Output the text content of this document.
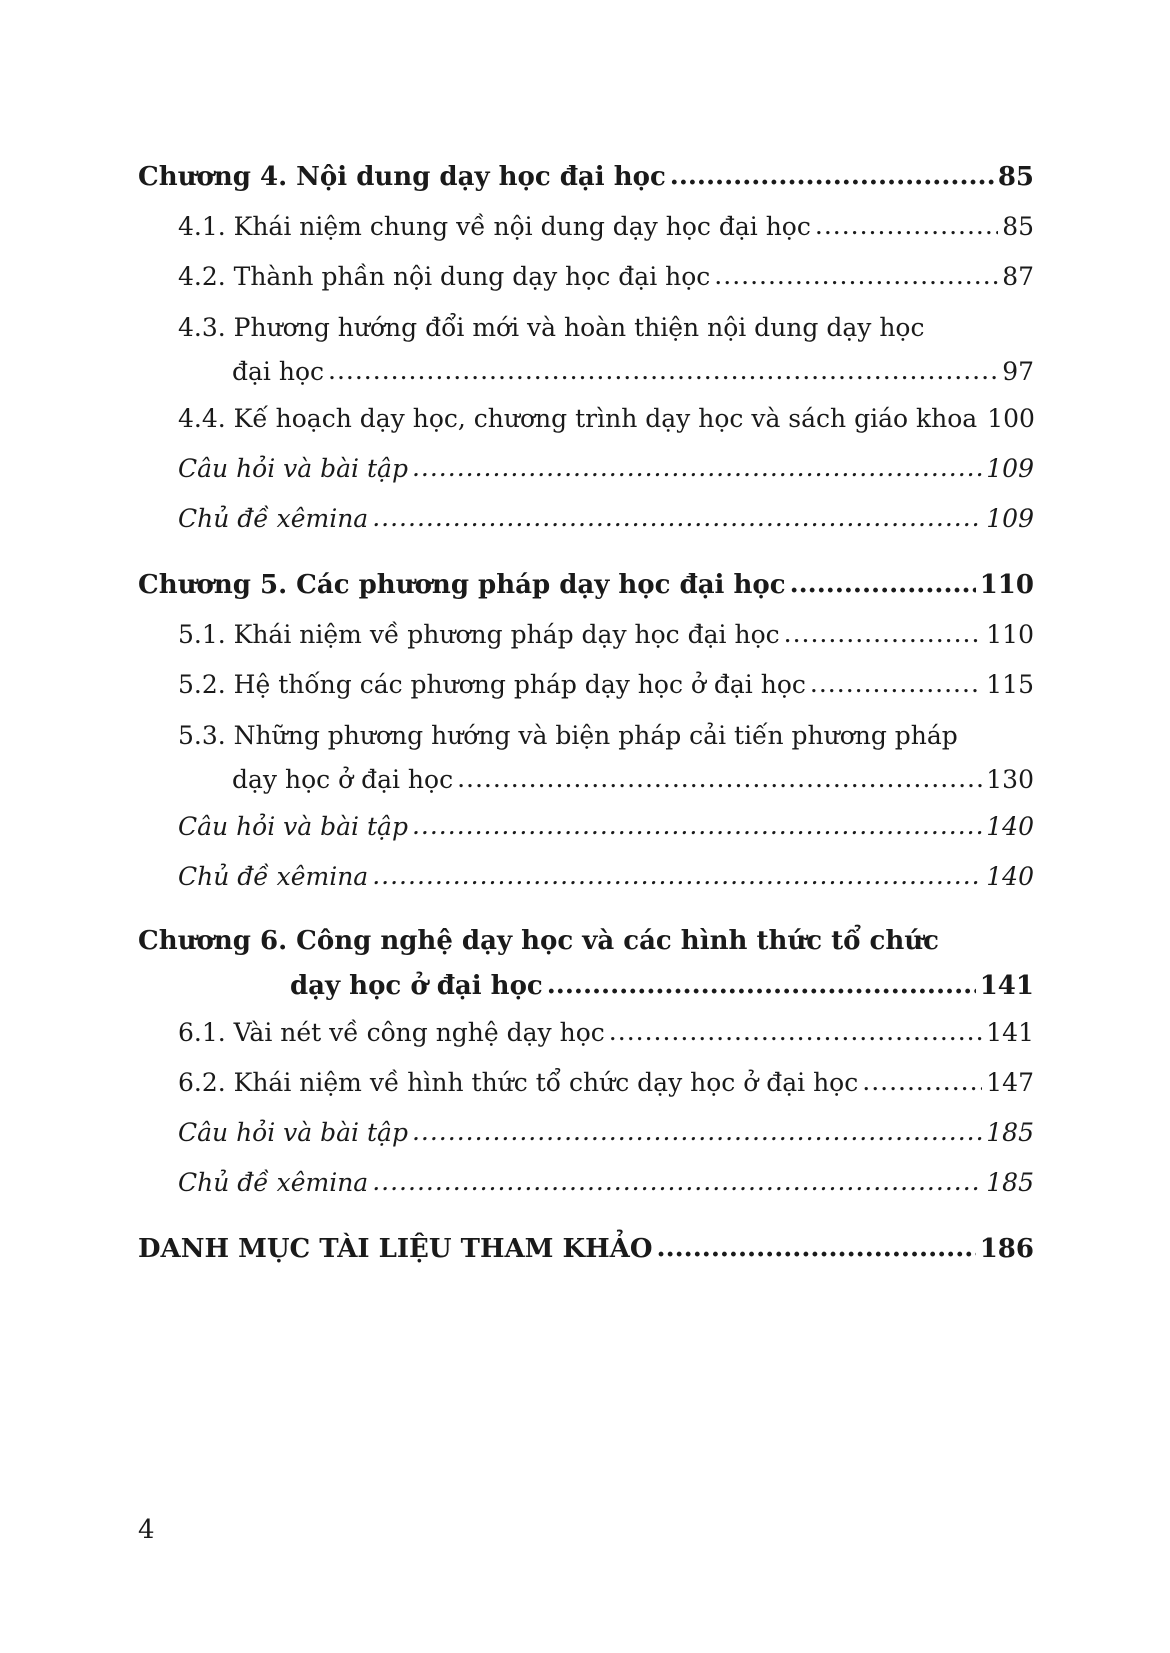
Chương 4. Nội dung dạy học đại học .....	85
4.1. Khái niệm chung về nội dung dạy học đại học .....	85
4.2. Thành phần nội dung dạy học đại học .....	87
4.3. Phương hướng đổi mới và hoàn thiện nội dung dạy học
đại học .....	97
4.4. Kế hoạch dạy học, chương trình dạy học và sách giáo khoa 100
Câu hỏi và bài tập .....	109
Chủ đề xêmina .....	109
Chương 5. Các phương pháp dạy học đại học .....	110
5.1. Khái niệm về phương pháp dạy học đại học .....	110
5.2. Hệ thống các phương pháp dạy học ở đại học .....	115
5.3. Những phương hướng và biện pháp cải tiến phương pháp
dạy học ở đại học .....	130
Câu hỏi và bài tập .....	140
Chủ đề xêmina .....	140
Chương 6. Công nghệ dạy học và các hình thức tổ chức
dạy học ở đại học .....	141
6.1. Vài nét về công nghệ dạy học .....	141
6.2. Khái niệm về hình thức tổ chức dạy học ở đại học .....	147
Câu hỏi và bài tập .....	185
Chủ đề xêmina .....	185
DANH MỤC TÀI LIỆU THAM KHẢO .....	186
4
